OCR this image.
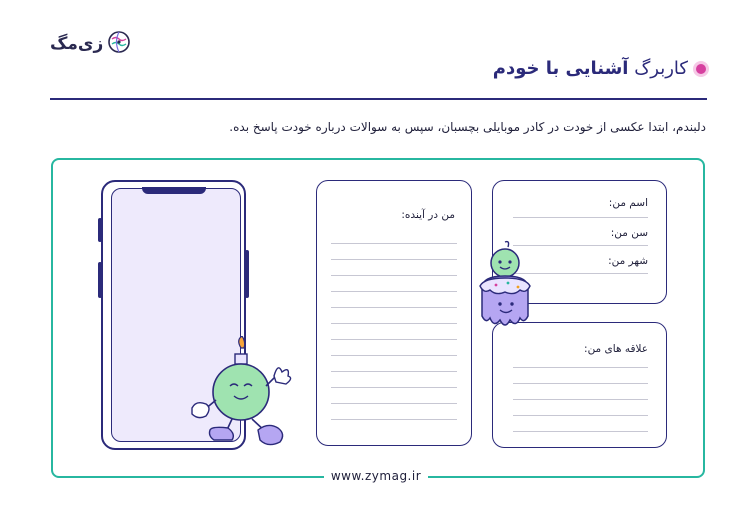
زی‌مگ
کاربرگ آشنایی با خودم
دلبندم، ابتدا عکسی از خودت در کادر موبایلی بچسبان، سپس به سوالات درباره خودت پاسخ بده.
www.zymag.ir
من در آینده:
اسم من:
سن من:
شهر من:
علاقه های من:
